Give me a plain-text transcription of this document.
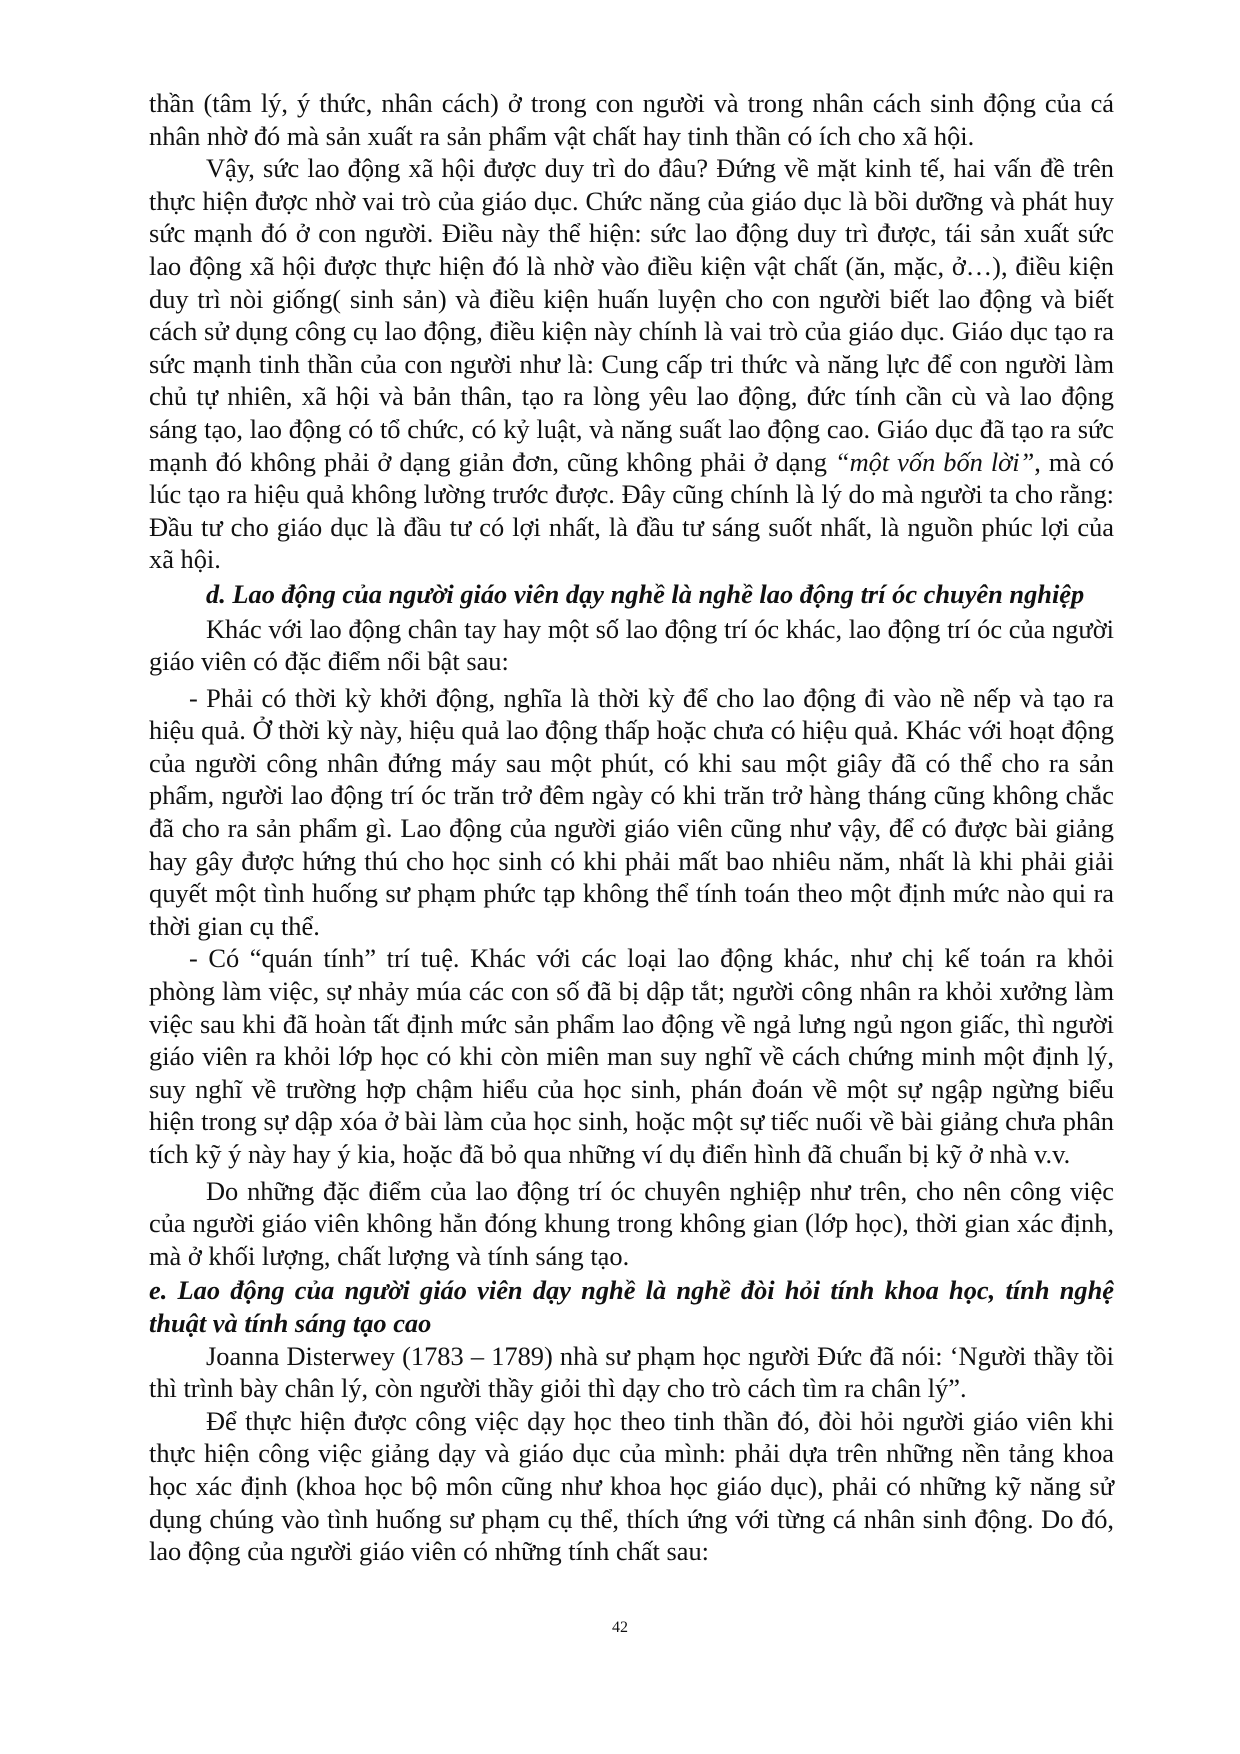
thần (tâm lý, ý thức, nhân cách) ở trong con người và trong nhân cách sinh động của cá nhân nhờ đó mà sản xuất ra sản phẩm vật chất hay tinh thần có ích cho xã hội.

Vậy, sức lao động xã hội được duy trì do đâu? Đứng về mặt kinh tế, hai vấn đề trên thực hiện được nhờ vai trò của giáo dục. Chức năng của giáo dục là bồi dưỡng và phát huy sức mạnh đó ở con người. Điều này thể hiện: sức lao động duy trì được, tái sản xuất sức lao động xã hội được thực hiện đó là nhờ vào điều kiện vật chất (ăn, mặc, ở…), điều kiện duy trì nòi giống( sinh sản) và điều kiện huấn luyện cho con người biết lao động và biết cách sử dụng công cụ lao động, điều kiện này chính là vai trò của giáo dục. Giáo dục tạo ra sức mạnh tinh thần của con người như là: Cung cấp tri thức và năng lực để con người làm chủ tự nhiên, xã hội và bản thân, tạo ra lòng yêu lao động, đức tính cần cù và lao động sáng tạo, lao động có tổ chức, có kỷ luật, và năng suất lao động cao. Giáo dục đã tạo ra sức mạnh đó không phải ở dạng giản đơn, cũng không phải ở dạng “một vốn bốn lời”, mà có lúc tạo ra hiệu quả không lường trước được. Đây cũng chính là lý do mà người ta cho rằng: Đầu tư cho giáo dục là đầu tư có lợi nhất, là đầu tư sáng suốt nhất, là nguồn phúc lợi của xã hội.

d. Lao động của người giáo viên dạy nghề là nghề lao động trí óc chuyên nghiệp

Khác với lao động chân tay hay một số lao động trí óc khác, lao động trí óc của người giáo viên có đặc điểm nổi bật sau:

- Phải có thời kỳ khởi động, nghĩa là thời kỳ để cho lao động đi vào nề nếp và tạo ra hiệu quả. Ở thời kỳ này, hiệu quả lao động thấp hoặc chưa có hiệu quả. Khác với hoạt động của người công nhân đứng máy sau một phút, có khi sau một giây đã có thể cho ra sản phẩm, người lao động trí óc trăn trở đêm ngày có khi trăn trở hàng tháng cũng không chắc đã cho ra sản phẩm gì. Lao động của người giáo viên cũng như vậy, để có được bài giảng hay gây được hứng thú cho học sinh có khi phải mất bao nhiêu năm, nhất là khi phải giải quyết một tình huống sư phạm phức tạp không thể tính toán theo một định mức nào qui ra thời gian cụ thể.

- Có “quán tính” trí tuệ. Khác với các loại lao động khác, như chị kế toán ra khỏi phòng làm việc, sự nhảy múa các con số đã bị dập tắt; người công nhân ra khỏi xưởng làm việc sau khi đã hoàn tất định mức sản phẩm lao động về ngả lưng ngủ ngon giấc, thì người giáo viên ra khỏi lớp học có khi còn miên man suy nghĩ về cách chứng minh một định lý, suy nghĩ về trường hợp chậm hiểu của học sinh, phán đoán về một sự ngập ngừng biểu hiện trong sự dập xóa ở bài làm của học sinh, hoặc một sự tiếc nuối về bài giảng chưa phân tích kỹ ý này hay ý kia, hoặc đã bỏ qua những ví dụ điển hình đã chuẩn bị kỹ ở nhà v.v.

Do những đặc điểm của lao động trí óc chuyên nghiệp như trên, cho nên công việc của người giáo viên không hẳn đóng khung trong không gian (lớp học), thời gian xác định, mà ở khối lượng, chất lượng và tính sáng tạo.

e. Lao động của người giáo viên dạy nghề là nghề đòi hỏi tính khoa học, tính nghệ thuật và tính sáng tạo cao

Joanna Disterwey (1783 – 1789) nhà sư phạm học người Đức đã nói: ‘Người thầy tồi thì trình bày chân lý, còn người thầy giỏi thì dạy cho trò cách tìm ra chân lý”.

Để thực hiện được công việc dạy học theo tinh thần đó, đòi hỏi người giáo viên khi thực hiện công việc giảng dạy và giáo dục của mình: phải dựa trên những nền tảng khoa học xác định (khoa học bộ môn cũng như khoa học giáo dục), phải có những kỹ năng sử dụng chúng vào tình huống sư phạm cụ thể, thích ứng với từng cá nhân sinh động. Do đó, lao động của người giáo viên có những tính chất sau:

42
